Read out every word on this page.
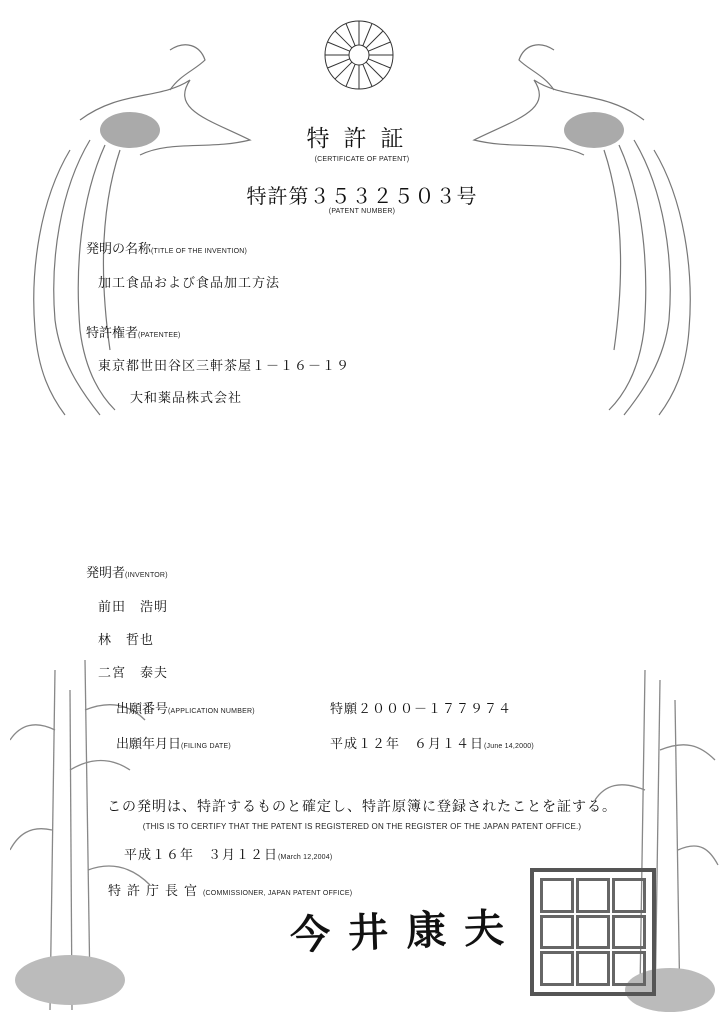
特許証
(CERTIFICATE OF PATENT)
特許第３５３２５０３号
(PATENT NUMBER)
発明の名称(TITLE OF THE INVENTION)
加工食品および食品加工方法
特許権者(PATENTEE)
東京都世田谷区三軒茶屋１－１６－１９
大和薬品株式会社
発明者(INVENTOR)
前田　浩明
林　哲也
二宮　泰夫
出願番号(APPLICATION NUMBER)	特願２０００－１７７９７４
出願年月日(FILING DATE)	平成１２年　６月１４日(June 14,2000)
この発明は、特許するものと確定し、特許原簿に登録されたことを証する。
(THIS IS TO CERTIFY THAT THE PATENT IS REGISTERED ON THE REGISTER OF THE JAPAN PATENT OFFICE.)
平成１６年　３月１２日(March 12,2004)
特許庁長官(COMMISSIONER, JAPAN PATENT OFFICE)
今井康夫
